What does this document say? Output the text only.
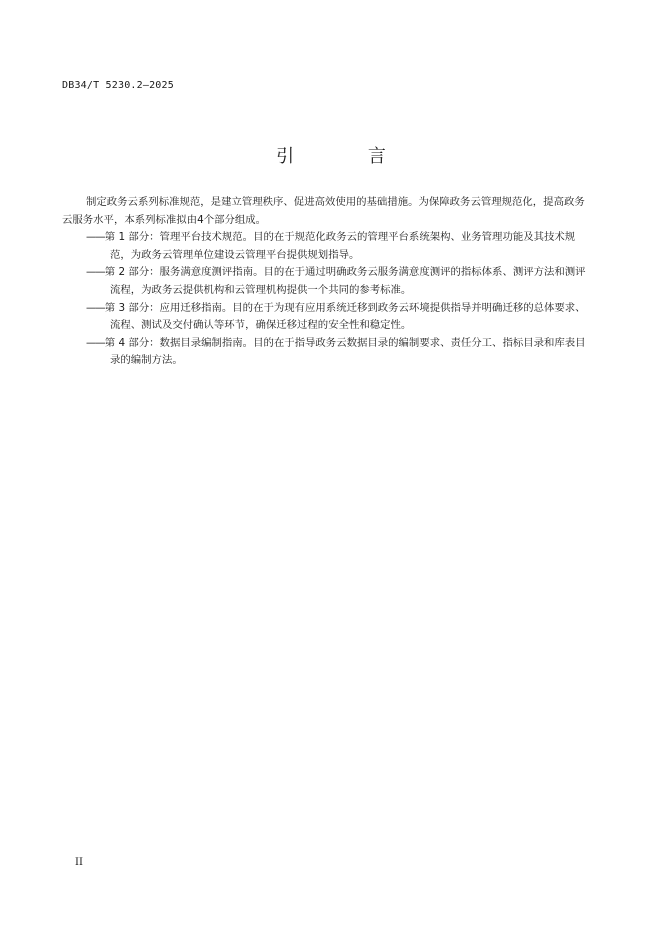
DB34/T 5230.2—2025
引 言

制定政务云系列标准规范，是建立管理秩序、促进高效使用的基础措施。为保障政务云管理规范化，提高政务云服务水平，本系列标准拟由4个部分组成。

——第 1 部分：管理平台技术规范。目的在于规范化政务云的管理平台系统架构、业务管理功能及其技术规范，为政务云管理单位建设云管理平台提供规划指导。

——第 2 部分：服务满意度测评指南。目的在于通过明确政务云服务满意度测评的指标体系、测评方法和测评流程，为政务云提供机构和云管理机构提供一个共同的参考标准。

——第 3 部分：应用迁移指南。目的在于为现有应用系统迁移到政务云环境提供指导并明确迁移的总体要求、流程、测试及交付确认等环节，确保迁移过程的安全性和稳定性。

——第 4 部分：数据目录编制指南。目的在于指导政务云数据目录的编制要求、责任分工、指标目录和库表目录的编制方法。

II
